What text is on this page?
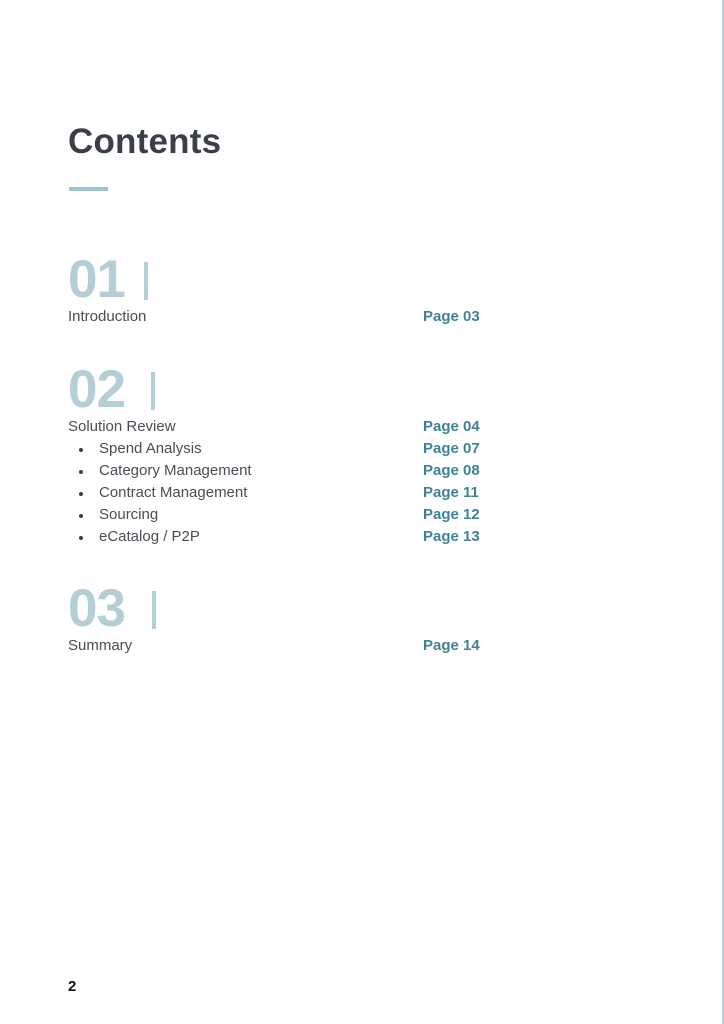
Contents
01
Introduction	Page 03
02
Solution Review	Page 04
Spend Analysis	Page 07
Category Management	Page 08
Contract Management	Page 11
Sourcing	Page 12
eCatalog / P2P	Page 13
03
Summary	Page 14
2
